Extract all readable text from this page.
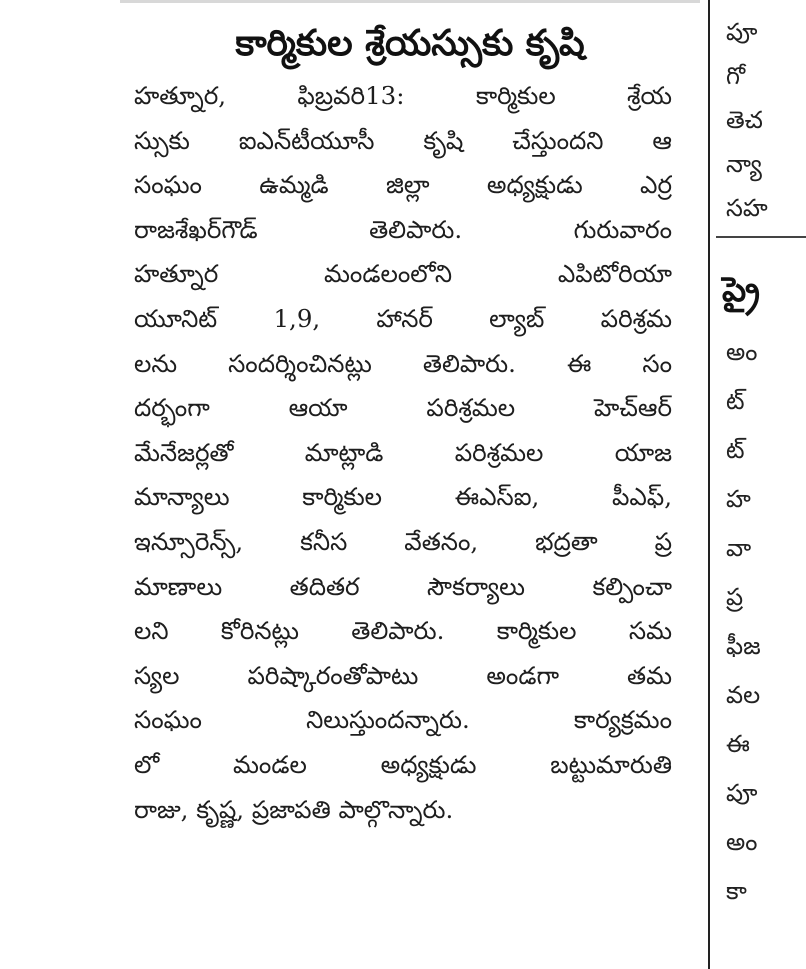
కార్మికుల శ్రేయస్సుకు కృషి
హత్నూర, ఫిబ్రవరి13: కార్మికుల శ్రేయ
స్సుకు ఐఎన్‌టీయూసీ కృషి చేస్తుందని ఆ
సంఘం ఉమ్మడి జిల్లా అధ్యక్షుడు ఎర్ర
రాజశేఖర్‌గౌడ్ తెలిపారు. గురువారం
హత్నూర మండలంలోని ఎపిటోరియా
యూనిట్ 1,9, హానర్ ల్యాబ్ పరిశ్రమ
లను సందర్శించినట్లు తెలిపారు. ఈ సం
దర్భంగా ఆయా పరిశ్రమల హెచ్‌ఆర్
మేనేజర్లతో మాట్లాడి పరిశ్రమల యాజ
మాన్యాలు కార్మికుల ఈఎస్ఐ, పీఎఫ్,
ఇన్సూరెన్స్, కనీస వేతనం, భద్రతా ప్ర
మాణాలు తదితర సౌకర్యాలు కల్పించా
లని కోరినట్లు తెలిపారు. కార్మికుల సమ
స్యల పరిష్కారంతోపాటు అండగా తమ
సంఘం నిలుస్తుందన్నారు. కార్యక్రమం
లో మండల అధ్యక్షుడు బట్టుమారుతి
రాజు, కృష్ణ, ప్రజాపతి పాల్గొన్నారు.
పూ
గో
తెచ
న్యా
సహ
ప్రై
అం
ట్
ట్
హ
వా
ప్ర
ఫీజ
వల
ఈ
పూ
అం
కా
